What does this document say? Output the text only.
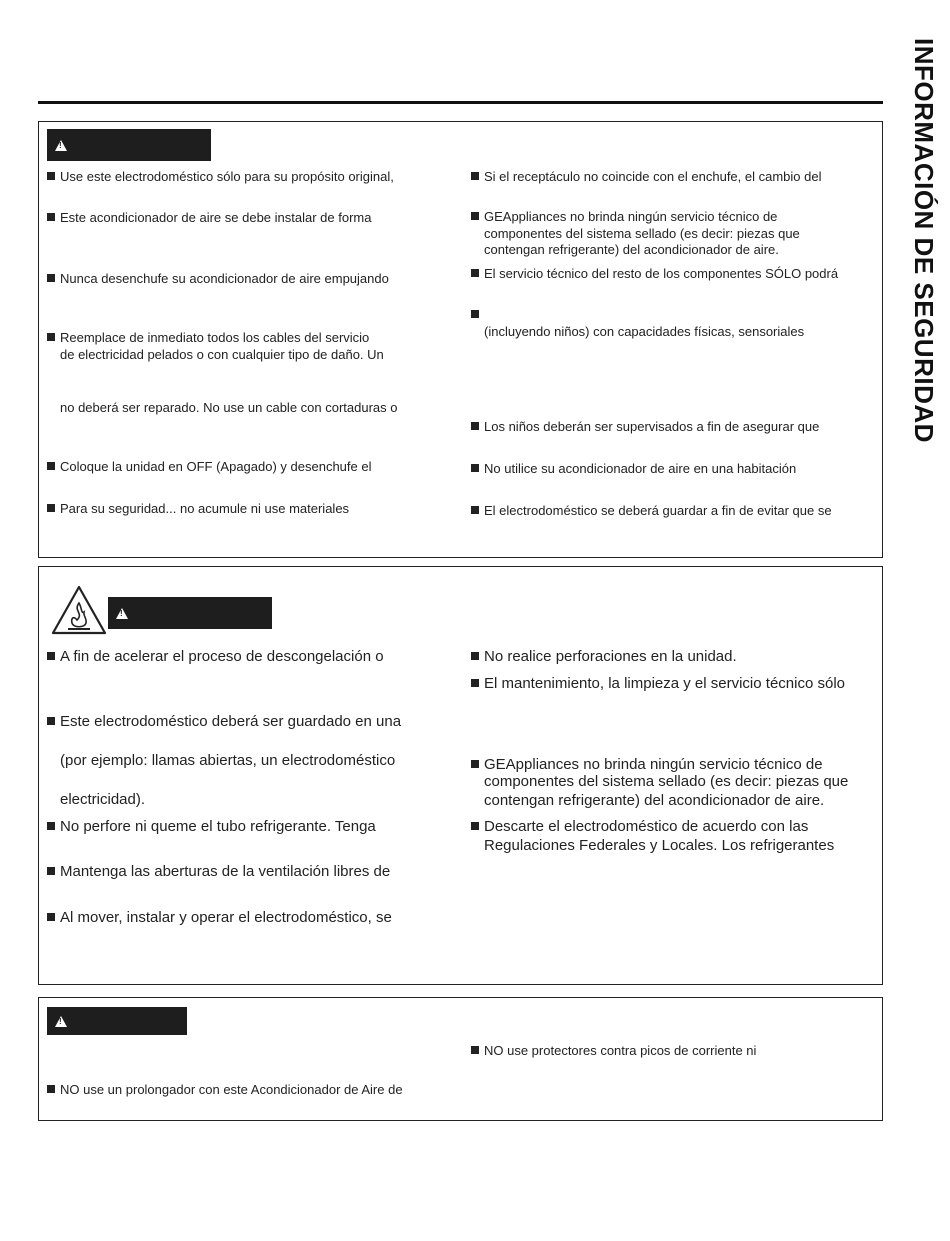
INFORMACIÓN DE SEGURIDAD
!
Use este electrodoméstico sólo para su propósito original,
Este acondicionador de aire se debe instalar de forma
Nunca desenchufe su acondicionador de aire empujando
Reemplace de inmediato todos los cables del servicio
de electricidad pelados o con cualquier tipo de daño. Un
no deberá ser reparado. No use un cable con cortaduras o
Coloque la unidad en OFF (Apagado) y desenchufe el
Para su seguridad... no acumule ni use materiales
Si el receptáculo no coincide con el enchufe, el cambio del
GEAppliances no brinda ningún servicio técnico de
componentes del sistema sellado (es decir: piezas que
contengan refrigerante) del acondicionador de aire.
El servicio técnico del resto de los componentes SÓLO podrá
(incluyendo niños) con capacidades físicas, sensoriales
Los niños deberán ser supervisados a fin de asegurar que
No utilice su acondicionador de aire en una habitación
El electrodoméstico se deberá guardar a fin de evitar que se
!
A fin de acelerar el proceso de descongelación o
Este electrodoméstico deberá ser guardado en una
(por ejemplo: llamas abiertas, un electrodoméstico
electricidad).
No perfore ni queme el tubo refrigerante. Tenga
Mantenga las aberturas de la ventilación libres de
Al mover, instalar y operar el electrodoméstico, se
No realice perforaciones en la unidad.
El mantenimiento, la limpieza y el servicio técnico sólo
GEAppliances no brinda ningún servicio técnico de
componentes del sistema sellado (es decir: piezas que
contengan refrigerante) del acondicionador de aire.
Descarte el electrodoméstico de acuerdo con las
Regulaciones Federales y Locales. Los refrigerantes
!
NO use protectores contra picos de corriente ni
NO use un prolongador con este Acondicionador de Aire de
